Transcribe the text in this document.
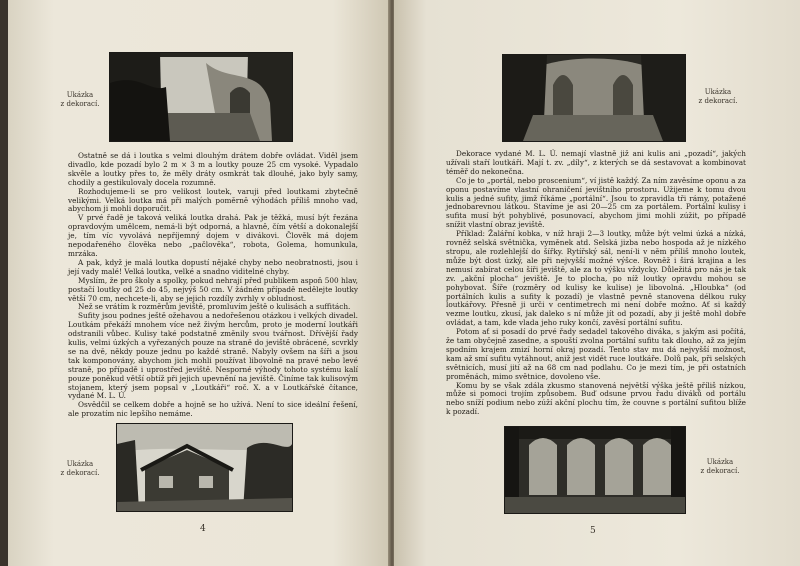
Ukázka
z dekorací.

Ostatně se dá i loutka s velmi dlouhým drátem dobře ovládat. Viděl jsem divadlo, kde pozadí bylo 2 m × 3 m a loutky pouze 25 cm vysoké. Vypadalo skvěle a loutky přes to, že měly dráty osmkrát tak dlouhé, jako byly samy, chodily a gestikulovaly docela rozumně.

Rozhodujeme-li se pro velikost loutek, varuji před loutkami zbytečně velikými. Velká loutka má při malých poměrně výhodách příliš mnoho vad, abychom ji mohli doporučit.

V prvé řadě je taková veliká loutka drahá. Pak je těžká, musí být řezána opravdovým umělcem, nemá-li být odporná, a hlavně, čím větší a dokonalejší je, tím víc vyvolává nepříjemný dojem v divákovi. Člověk má dojem nepodařeného člověka nebo „pačlověka“, robota, Golema, homunkula, mrzáka.

A pak, když je malá loutka dopustí nějaké chyby nebo neobratnosti, jsou i její vady malé! Velká loutka, velké a snadno viditelné chyby.

Myslím, že pro školy a spolky, pokud nehrají před publikem aspoň 500 hlav, postačí loutky od 25 do 45, nejvýš 50 cm. V žádném případě nedělejte loutky větší 70 cm, nechcete-li, aby se jejich rozdíly zvrhly v obludnost.

Než se vrátím k rozměrům jeviště, promluvím ještě o kulisách a suffitách.

Sufity jsou podnes ještě ožehavou a nedořešenou otázkou i velkých divadel. Loutkám překáží mnohem více než živým hercům, proto je moderní loutkáři odstranili vůbec. Kulisy také podstatně změnily svou tvářnost. Dřívější řady kulis, velmi úzkých a vyřezaných pouze na straně do jeviště obrácené, scvrkly se na dvě, někdy pouze jednu po každé straně. Nabyly ovšem na šíři a jsou tak komponovány, abychom jich mohli používat libovolně na pravé nebo levé straně, po případě i uprostřed jeviště. Nesporné výhody tohoto systému kalí pouze poněkud větší obtíž při jejich upevnění na jeviště. Činíme tak kulisovým stojanem, který jsem popsal v „Loutkáři“ roč. X. a v Loutkářské čítance, vydané M. L. Ú.

Osvědčil se celkem dobře a hojně se ho užívá. Není to sice ideální řešení, ale prozatím nic lepšího nemáme.

Ukázka
z dekorací.
4
Ukázka
z dekorací.

Dekorace vydané M. L. Ú. nemají vlastně již ani kulis ani „pozadí“, jakých užívali staří loutkáři. Mají t. zv. „díly“, z kterých se dá sestavovat a kombinovat téměř do nekonečna.

Co je to „portál, nebo proscenium“, ví jistě každý. Za ním zavěsíme oponu a za oponu postavíme vlastní ohraničení jevištního prostoru. Užijeme k tomu dvou kulis a jedné sufity, jimž říkáme „portální“. Jsou to zpravidla tři rámy, potažené jednobarevnou látkou. Stavíme je asi 20—25 cm za portálem. Portální kulisy i sufita musí být pohyblivé, posunovací, abychom jimi mohli zúžit, po případě snížit vlastní obraz jeviště.

Příklad: Žalářní kobka, v níž hraji 2—3 loutky, může být velmi úzká a nízká, rovněž selská světnička, vyměnek atd. Selská jizba nebo hospoda až je nízkého stropu, ale rozlehlejší do šířky. Rytířský sál, není-li v něm příliš mnoho loutek, může být dost úzký, ale při nejvyšší možné výšce. Rovněž i širá krajina a les nemusí zabírat celou šíři jeviště, ale za to výšku vždycky. Důležitá pro nás je tak zv. „akční plocha“ jeviště. Je to plocha, po níž loutky opravdu mohou se pohybovat. Šíře (rozměry od kulisy ke kulise) je libovolná. „Hloubka“ (od portálních kulis a sufity k pozadí) je vlastně pevně stanovena délkou ruky loutkářovy. Přesně ji urči v centimetrech mi není dobře možno. Ať si každý vezme loutku, zkusí, jak daleko s ní může jít od pozadí, aby ji ještě mohl dobře ovládat, a tam, kde vlada jeho ruky končí, zavěsí portální sufitu.

Potom ať si posadí do prvé řady sedadel takového diváka, s jakým asi počítá, že tam obyčejně zasedne, a spouští zvolna portální sufitu tak dlouho, až za jejím spodním krajem zmizí horní okraj pozadí. Tento stav mu dá nejvyšší možnost, kam až smí sufitu vytáhnout, aniž jest vidět ruce loutkáře. Dolů pak, při selských světnicích, musí jití až na 68 cm nad podlahu. Co je mezi tím, je při ostatních proměnách, mimo světnice, dovoleno vše.

Komu by se však zdála zkusmo stanovená největší výška ještě příliš nízkou, může si pomoci trojím způsobem. Buď odsune prvou řadu diváků od portálu nebo sníží podium nebo zúží akční plochu tím, že couvne s portální sufitou blíže k pozadí.

Ukázka
z dekorací.
5
